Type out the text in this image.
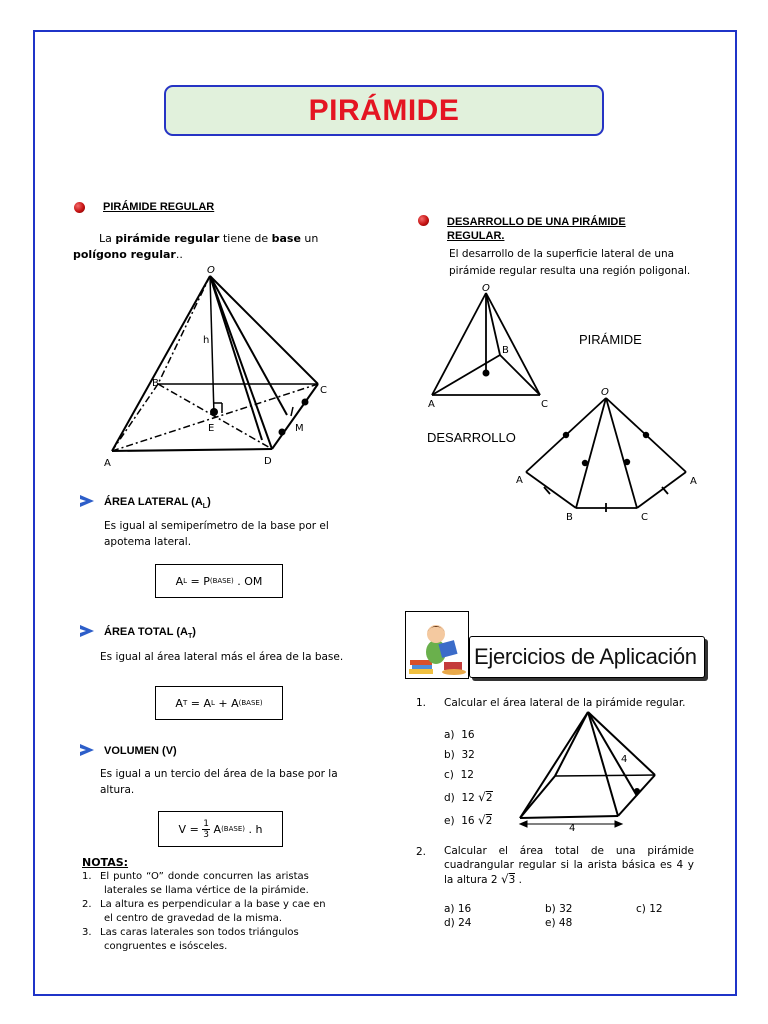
PIRÁMIDE
PIRÁMIDE REGULAR
La pirámide regular tiene de base un polígono regular..
O
h
B
C
E	M
A	D
ÁREA LATERAL $(A_L)$
Es igual al semiperímetro de la base por el
apotema lateral.
A L = P (BASE) . OM
ÁREA TOTAL $(A_T)$
Es igual al área lateral más el área de la base.
A T = A L + A (BASE)
VOLUMEN (V)
Es igual a un tercio del área de la base por la
altura.
$V = \frac{1}{3}$ A (BASE) . h
NOTAS:
1. El punto “O” donde concurren las aristas
laterales se llama vértice de la pirámide.
2. La altura es perpendicular a la base y cae en
el centro de gravedad de la misma.
3. Las caras laterales son todos triángulos
congruentes e isósceles.
DESARROLLO DE UNA PIRÁMIDE
REGULAR.
El desarrollo de la superficie lateral de una
pirámide regular resulta una región poligonal.
O
B
A	C
PIRÁMIDE
DESARROLLO
O
A	A
B	C
Ejercicios de Aplicación
1. Calcular el área lateral de la pirámide regular.
a) 16
b) 32
c) 12
d) 12 √2
e) 16 √2
4
4
2. Calcular el área total de una pirámide
cuadrangular regular si la arista básica es 4 y
la altura 2 √3 .
a) 16	b) 32	c) 12
d) 24	e) 48
